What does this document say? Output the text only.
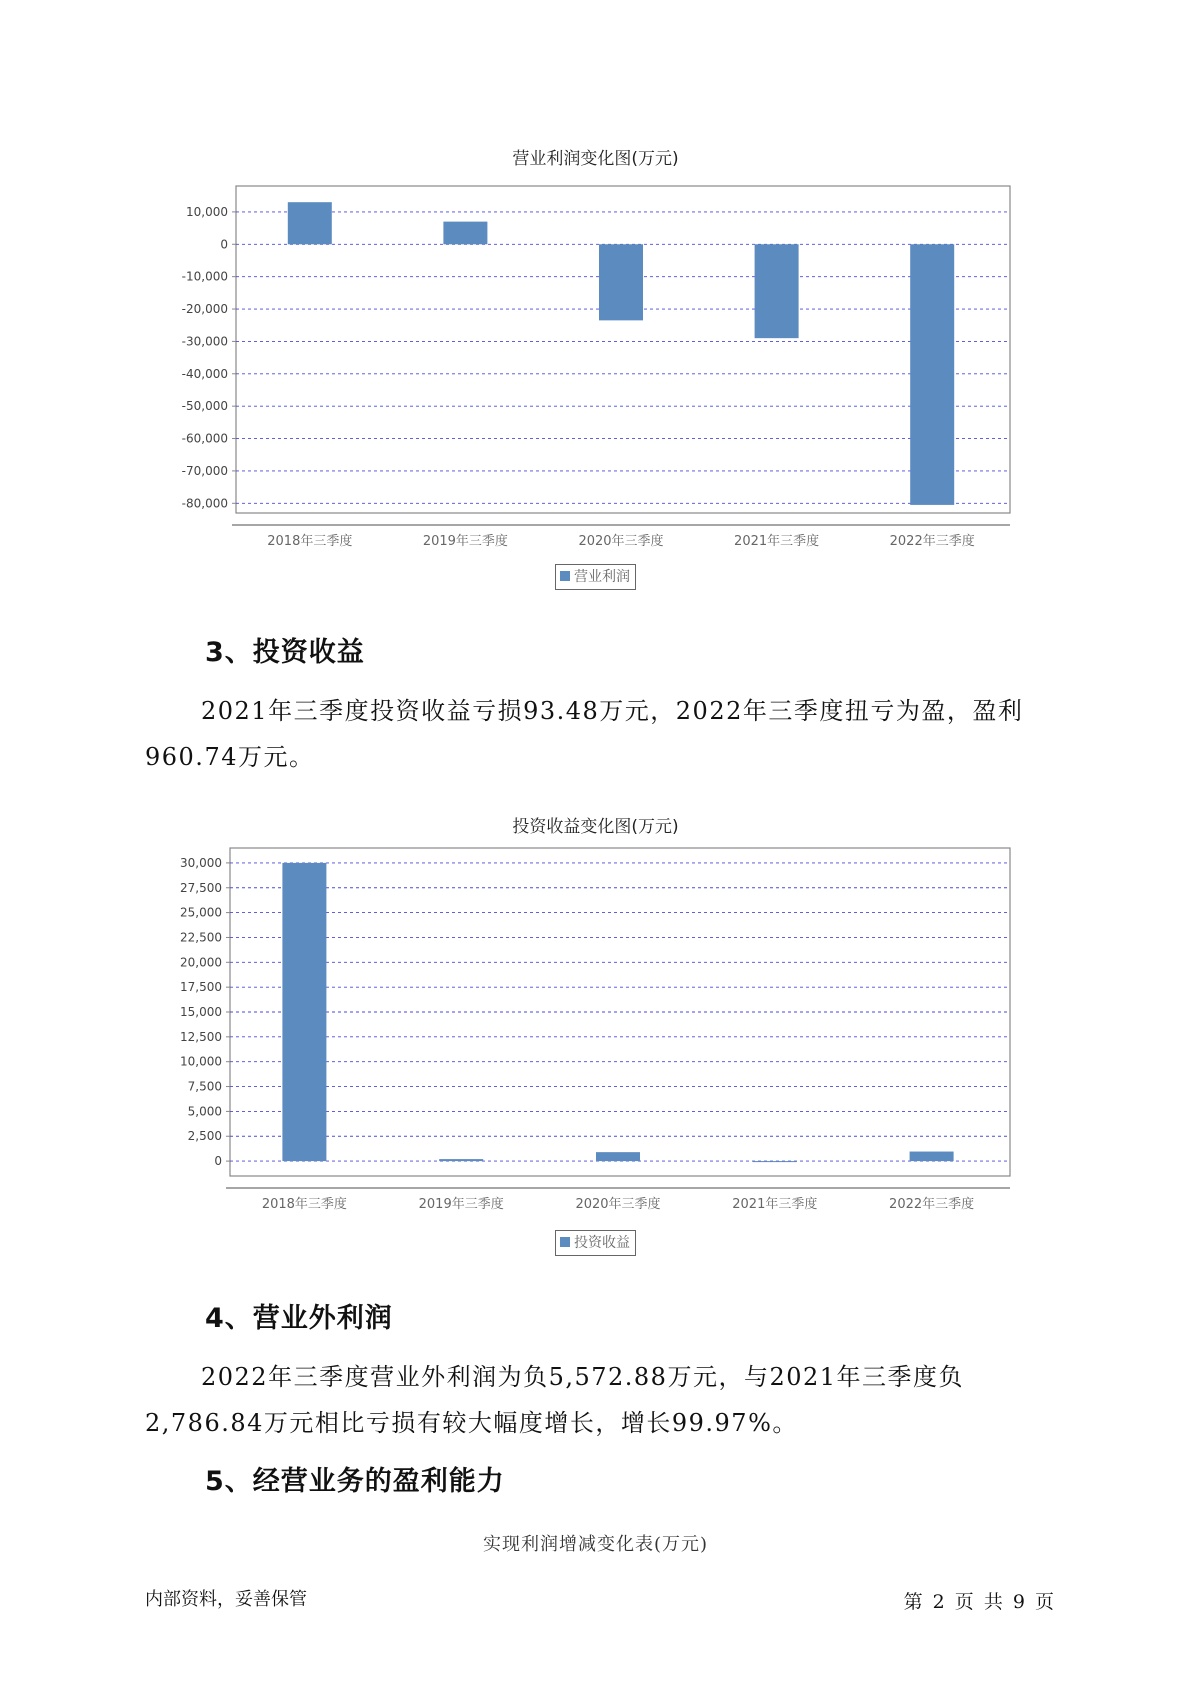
营业利润变化图(万元)
10,000
0
-10,000
-20,000
-30,000
-40,000
-50,000
-60,000
-70,000
-80,000
2018年三季度	2019年三季度	2020年三季度	2021年三季度	2022年三季度
营业利润
3、投资收益
2021年三季度投资收益亏损93.48万元，2022年三季度扭亏为盈，盈利960.74万元。
投资收益变化图(万元)
30,000
27,500
25,000
22,500
20,000
17,500
15,000
12,500
10,000
7,500
5,000
2,500
0
2018年三季度	2019年三季度	2020年三季度	2021年三季度	2022年三季度
投资收益
4、营业外利润
2022年三季度营业外利润为负5,572.88万元，与2021年三季度负2,786.84万元相比亏损有较大幅度增长，增长99.97%。
5、经营业务的盈利能力
实现利润增减变化表(万元)
内部资料，妥善保管	第 2 页 共 9 页
